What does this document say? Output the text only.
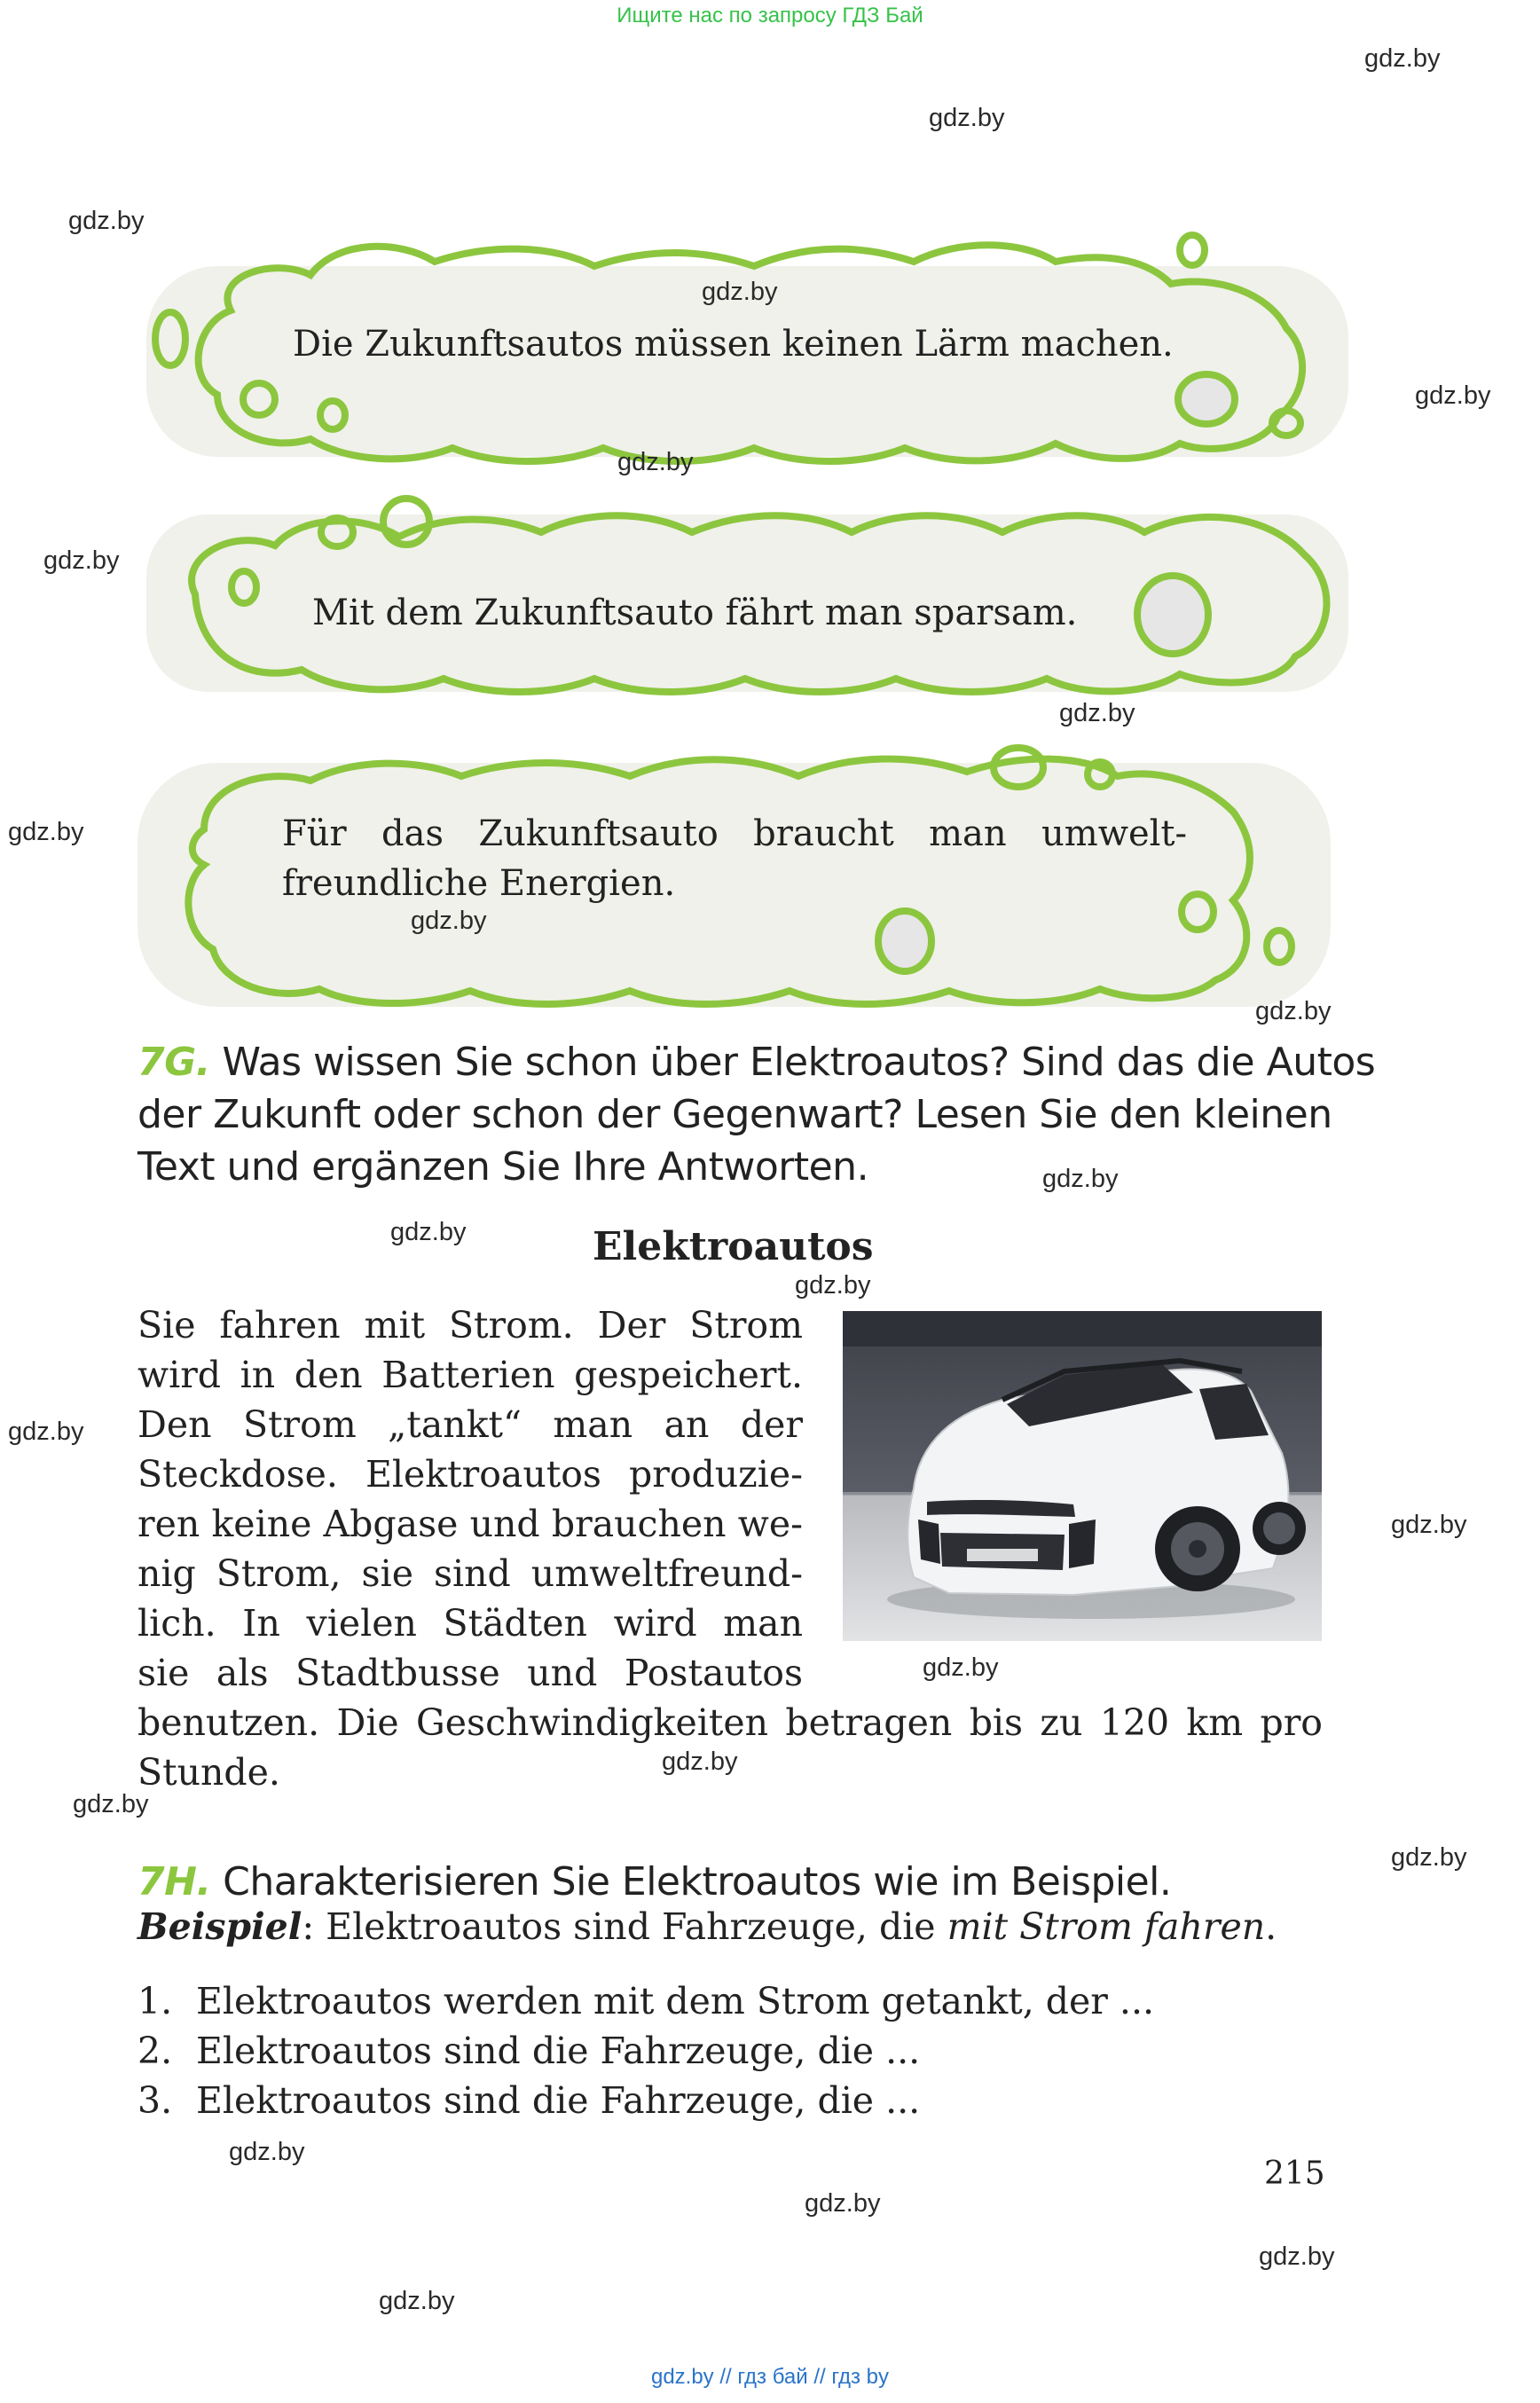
Ищите нас по запросу ГДЗ Бай
Die Zukunftsautos müssen keinen Lärm machen.
Mit dem Zukunftsauto fährt man sparsam.
Für das Zukunftsauto braucht man umwelt-
freundliche Energien.
7G. Was wissen Sie schon über Elektroautos? Sind das die Autos
der Zukunft oder schon der Gegenwart? Lesen Sie den kleinen
Text und ergänzen Sie Ihre Antworten.
Elektroautos
Sie fahren mit Strom. Der Strom
wird in den Batterien gespeichert.
Den Strom „tankt“ man an der
Steckdose. Elektroautos produzie-
ren keine Abgase und brauchen we-
nig Strom, sie sind umweltfreund-
lich. In vielen Städten wird man
sie als Stadtbusse und Postautos
benutzen. Die Geschwindigkeiten betragen bis zu 120 km pro
Stunde.
7H. Charakterisieren Sie Elektroautos wie im Beispiel.
Beispiel: Elektroautos sind Fahrzeuge, die mit Strom fahren.
1. Elektroautos werden mit dem Strom getankt, der ...
2. Elektroautos sind die Fahrzeuge, die ...
3. Elektroautos sind die Fahrzeuge, die ...
215
gdz.by
gdz.by
gdz.by
gdz.by
gdz.by
gdz.by
gdz.by
gdz.by
gdz.by
gdz.by
gdz.by
gdz.by
gdz.by
gdz.by
gdz.by
gdz.by
gdz.by
gdz.by
gdz.by
gdz.by
gdz.by
gdz.by
gdz.by
gdz.by
gdz.by // гдз бай // гдз by
